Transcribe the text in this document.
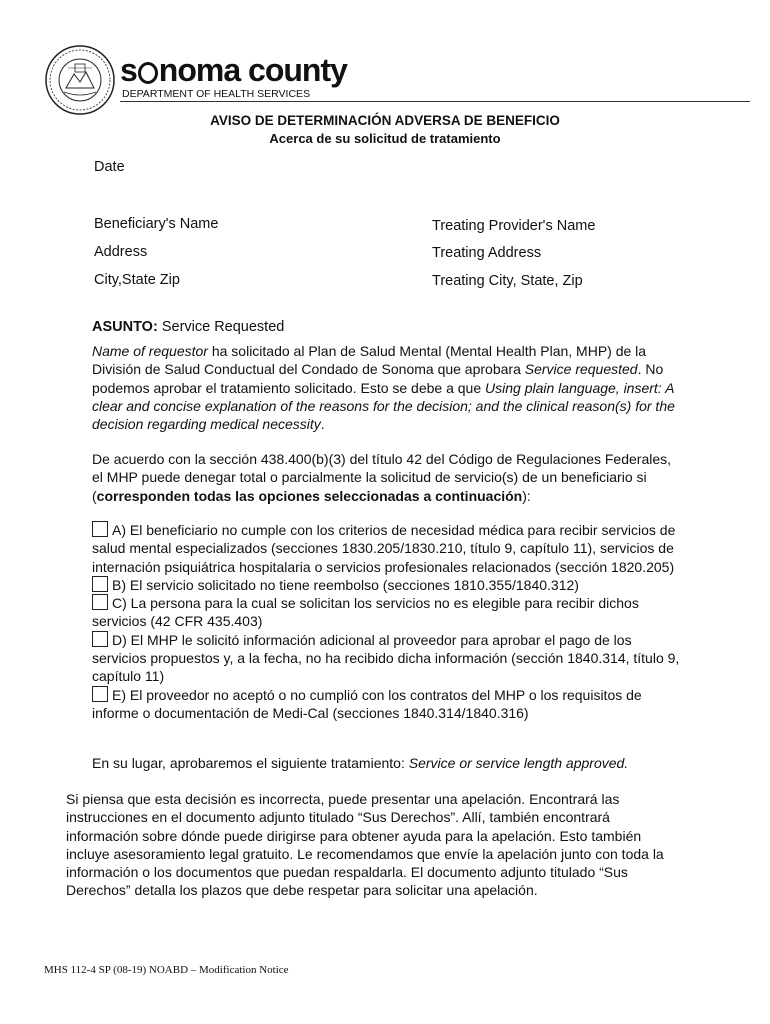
s noma county
DEPARTMENT OF HEALTH SERVICES
AVISO DE DETERMINACIÓN ADVERSA DE BENEFICIO
Acerca de su solicitud de tratamiento
Date
Beneficiary's Name
Address
City,State Zip
Treating Provider's Name
Treating Address
Treating City, State, Zip
ASUNTO: Service Requested
Name of requestor ha solicitado al Plan de Salud Mental (Mental Health Plan, MHP) de la División de Salud Conductual del Condado de Sonoma que aprobara Service requested. No podemos aprobar el tratamiento solicitado. Esto se debe a que Using plain language, insert: A clear and concise explanation of the reasons for the decision; and the clinical reason(s) for the decision regarding medical necessity.
De acuerdo con la sección 438.400(b)(3) del título 42 del Código de Regulaciones Federales, el MHP puede denegar total o parcialmente la solicitud de servicio(s) de un beneficiario si (corresponden todas las opciones seleccionadas a continuación):
A) El beneficiario no cumple con los criterios de necesidad médica para recibir servicios de salud mental especializados (secciones 1830.205/1830.210, título 9, capítulo 11), servicios de internación psiquiátrica hospitalaria o servicios profesionales relacionados (sección 1820.205)
B) El servicio solicitado no tiene reembolso (secciones 1810.355/1840.312)
C) La persona para la cual se solicitan los servicios no es elegible para recibir dichos servicios (42 CFR 435.403)
D) El MHP le solicitó información adicional al proveedor para aprobar el pago de los servicios propuestos y, a la fecha, no ha recibido dicha información (sección 1840.314, título 9, capítulo 11)
E) El proveedor no aceptó o no cumplió con los contratos del MHP o los requisitos de informe o documentación de Medi-Cal (secciones 1840.314/1840.316)
En su lugar, aprobaremos el siguiente tratamiento: Service or service length approved.
Si piensa que esta decisión es incorrecta, puede presentar una apelación. Encontrará las instrucciones en el documento adjunto titulado “Sus Derechos”. Allí, también encontrará información sobre dónde puede dirigirse para obtener ayuda para la apelación. Esto también incluye asesoramiento legal gratuito. Le recomendamos que envíe la apelación junto con toda la información o los documentos que puedan respaldarla. El documento adjunto titulado “Sus Derechos” detalla los plazos que debe respetar para solicitar una apelación.
MHS 112-4 SP (08-19) NOABD – Modification Notice
